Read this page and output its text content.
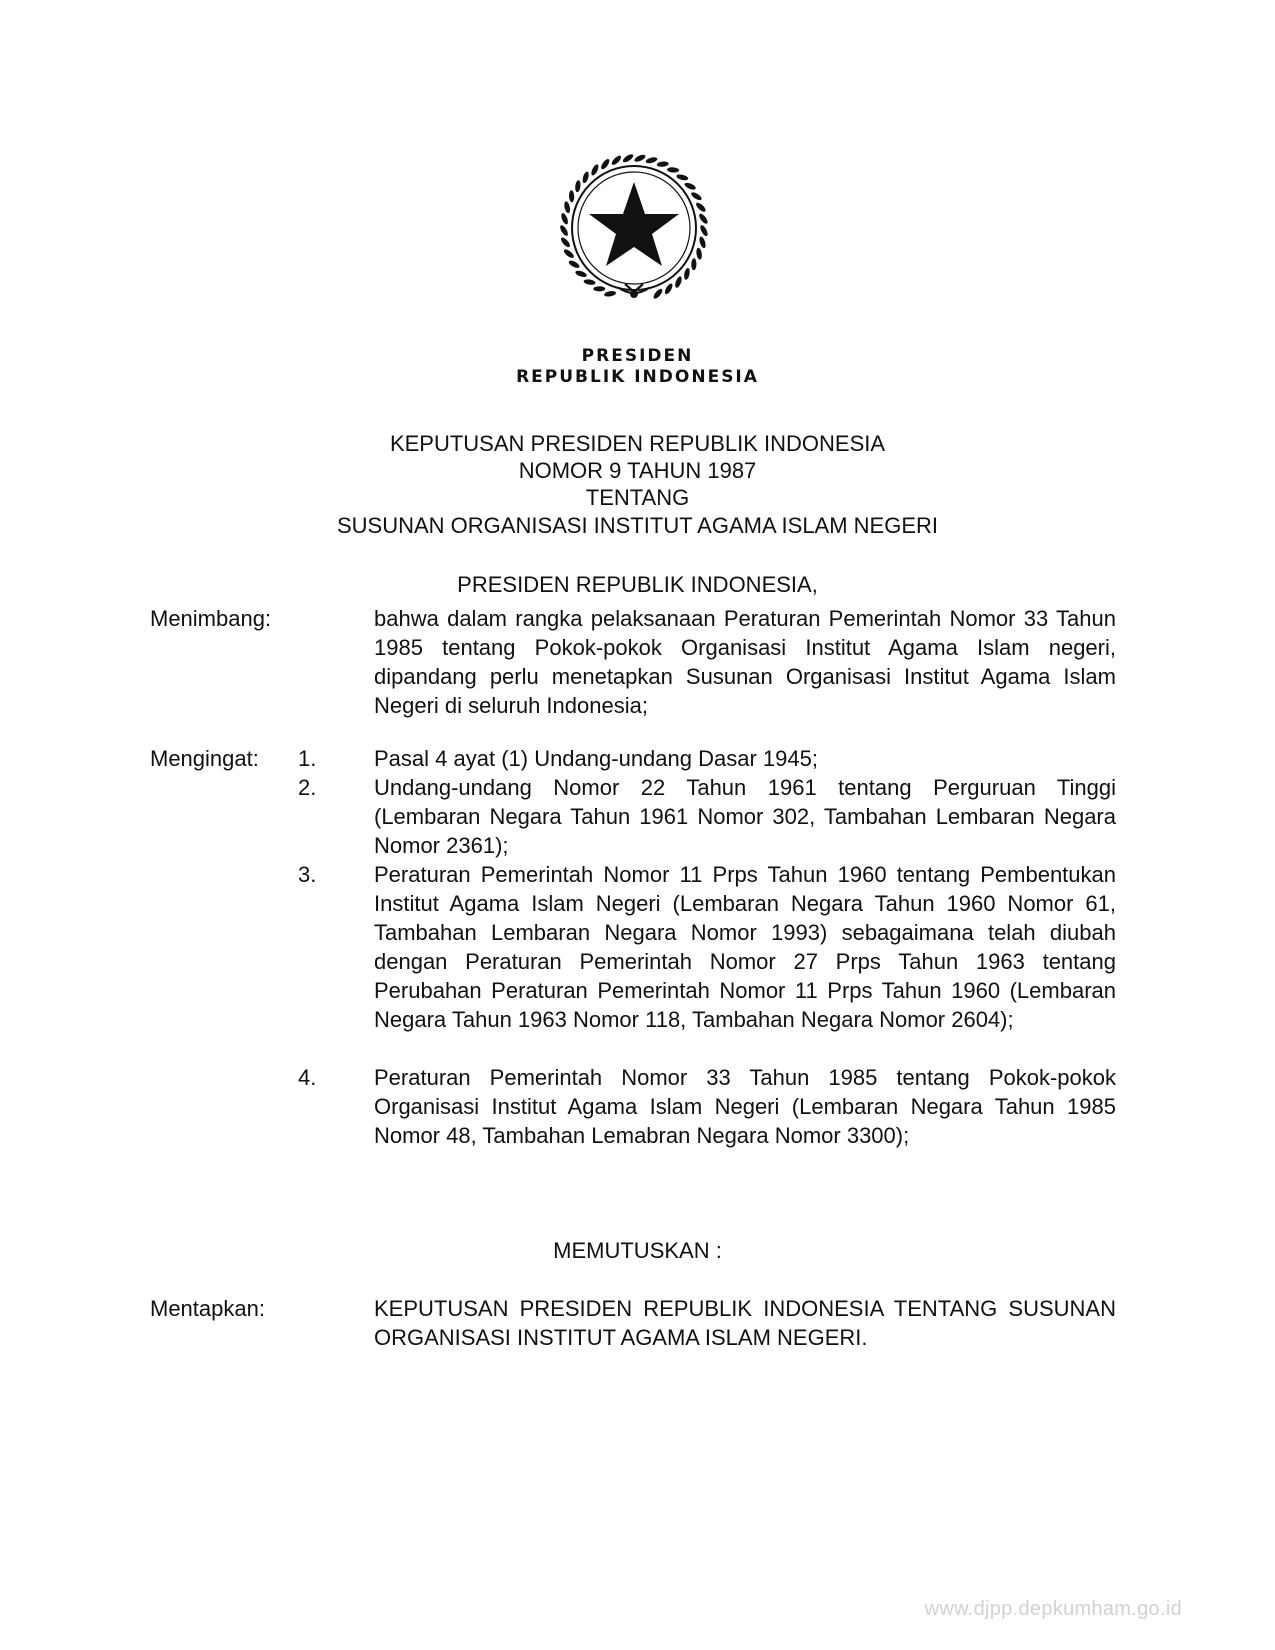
PRESIDEN
REPUBLIK INDONESIA
KEPUTUSAN PRESIDEN REPUBLIK INDONESIA
NOMOR 9 TAHUN 1987
TENTANG
SUSUNAN ORGANISASI INSTITUT AGAMA ISLAM NEGERI
PRESIDEN REPUBLIK INDONESIA,
Menimbang:	bahwa dalam rangka pelaksanaan Peraturan Pemerintah Nomor 33 Tahun 1985 tentang Pokok-pokok Organisasi Institut Agama Islam negeri, dipandang perlu menetapkan Susunan Organisasi Institut Agama Islam Negeri di seluruh Indonesia;

Mengingat: 1.	Pasal 4 ayat (1) Undang-undang Dasar 1945;

2.	Undang-undang Nomor 22 Tahun 1961 tentang Perguruan Tinggi (Lembaran Negara Tahun 1961 Nomor 302, Tambahan Lembaran Negara Nomor 2361);

3.	Peraturan Pemerintah Nomor 11 Prps Tahun 1960 tentang Pembentukan Institut Agama Islam Negeri (Lembaran Negara Tahun 1960 Nomor 61, Tambahan Lembaran Negara Nomor 1993) sebagaimana telah diubah dengan Peraturan Pemerintah Nomor 27 Prps Tahun 1963 tentang Perubahan Peraturan Pemerintah Nomor 11 Prps Tahun 1960 (Lembaran Negara Tahun 1963 Nomor 118, Tambahan Negara Nomor 2604);

4.	Peraturan Pemerintah Nomor 33 Tahun 1985 tentang Pokok-pokok Organisasi Institut Agama Islam Negeri (Lembaran Negara Tahun 1985 Nomor 48, Tambahan Lemabran Negara Nomor 3300);

MEMUTUSKAN :
Mentapkan:	KEPUTUSAN PRESIDEN REPUBLIK INDONESIA TENTANG SUSUNAN ORGANISASI INSTITUT AGAMA ISLAM NEGERI.

www.djpp.depkumham.go.id
